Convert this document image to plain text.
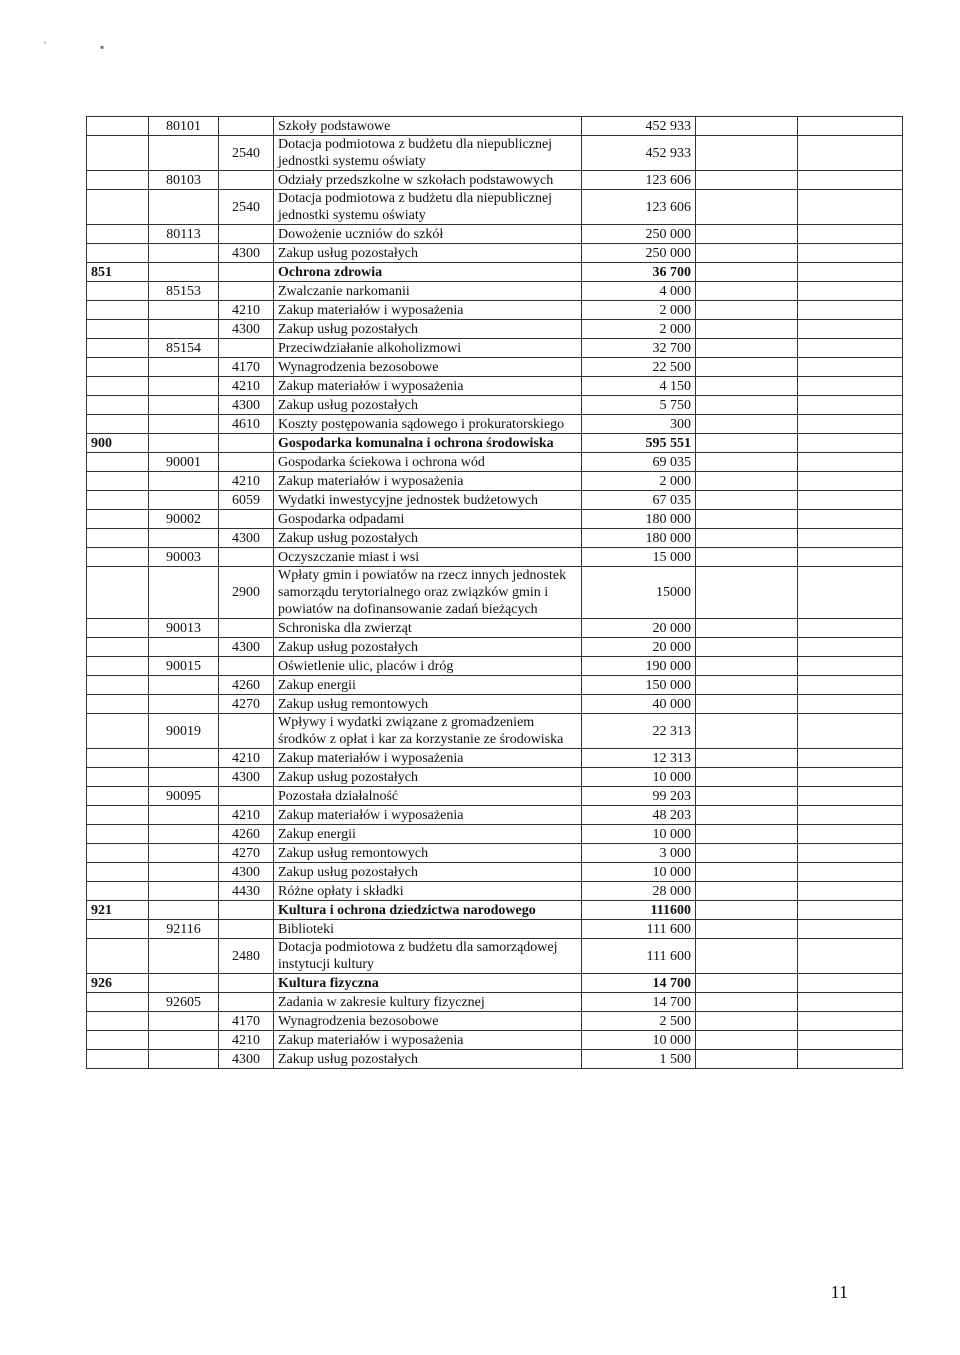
′	▪
	80101		Szkoły podstawowe	452 933		
		2540	Dotacja podmiotowa z budżetu dla niepublicznej jednostki systemu oświaty	452 933		
	80103		Odziały przedszkolne w szkołach podstawowych	123 606		
		2540	Dotacja podmiotowa z budżetu dla niepublicznej jednostki systemu oświaty	123 606		
	80113		Dowożenie uczniów do szkół	250 000		
		4300	Zakup usług pozostałych	250 000		
851			Ochrona zdrowia	36 700		
	85153		Zwalczanie narkomanii	4 000		
		4210	Zakup materiałów i wyposażenia	2 000		
		4300	Zakup usług pozostałych	2 000		
	85154		Przeciwdziałanie alkoholizmowi	32 700		
		4170	Wynagrodzenia bezosobowe	22 500		
		4210	Zakup materiałów i wyposażenia	4 150		
		4300	Zakup usług pozostałych	5 750		
		4610	Koszty postępowania sądowego i prokuratorskiego	300		
900			Gospodarka komunalna i ochrona środowiska	595 551		
	90001		Gospodarka ściekowa i ochrona wód	69 035		
		4210	Zakup materiałów i wyposażenia	2 000		
		6059	Wydatki inwestycyjne jednostek budżetowych	67 035		
	90002		Gospodarka odpadami	180 000		
		4300	Zakup usług pozostałych	180 000		
	90003		Oczyszczanie miast i wsi	15 000		
		2900	Wpłaty gmin i powiatów na rzecz innych jednostek samorządu terytorialnego oraz związków gmin i powiatów na dofinansowanie zadań bieżących	15000		
	90013		Schroniska dla zwierząt	20 000		
		4300	Zakup usług pozostałych	20 000		
	90015		Oświetlenie ulic, placów i dróg	190 000		
		4260	Zakup energii	150 000		
		4270	Zakup usług remontowych	40 000		
	90019		Wpływy i wydatki związane z gromadzeniem środków z opłat i kar za korzystanie ze środowiska	22 313		
		4210	Zakup materiałów i wyposażenia	12 313		
		4300	Zakup usług pozostałych	10 000		
	90095		Pozostała działalność	99 203		
		4210	Zakup materiałów i wyposażenia	48 203		
		4260	Zakup energii	10 000		
		4270	Zakup usług remontowych	3 000		
		4300	Zakup usług pozostałych	10 000		
		4430	Różne opłaty i składki	28 000		
921			Kultura i ochrona dziedzictwa narodowego	111600		
	92116		Biblioteki	111 600		
		2480	Dotacja podmiotowa z budżetu dla samorządowej instytucji kultury	111 600		
926			Kultura fizyczna	14 700		
	92605		Zadania w zakresie kultury fizycznej	14 700		
		4170	Wynagrodzenia bezosobowe	2 500		
		4210	Zakup materiałów i wyposażenia	10 000		
		4300	Zakup usług pozostałych	1 500		
11
